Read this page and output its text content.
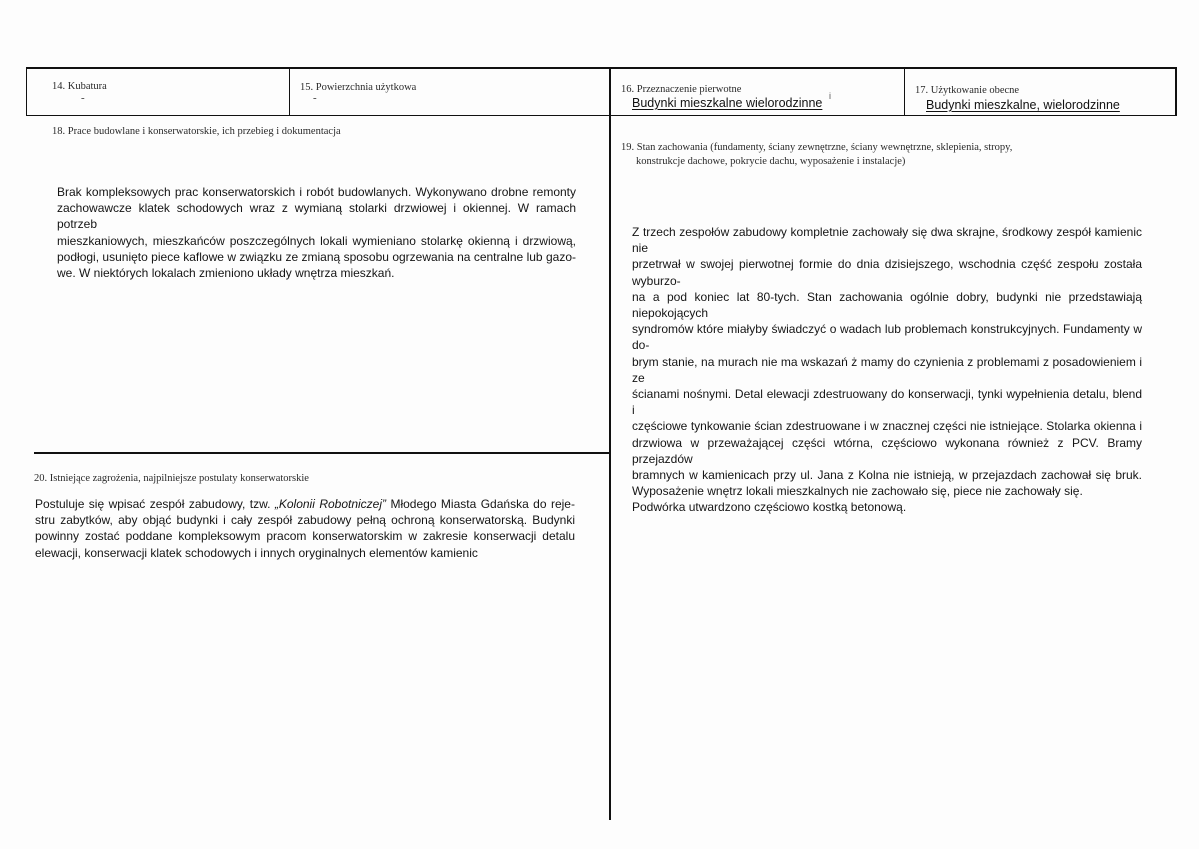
14. Kubatura
-
15. Powierzchnia użytkowa
-
16. Przeznaczenie pierwotne
Budynki mieszkalne wielorodzinne i	17. Użytkowanie obecne
Budynki mieszkalne, wielorodzinne
18. Prace budowlane i konserwatorskie, ich przebieg i dokumentacja
Brak kompleksowych prac konserwatorskich i robót budowlanych. Wykonywano drobne remonty
zachowawcze klatek schodowych wraz z wymianą stolarki drzwiowej i okiennej. W ramach potrzeb
mieszkaniowych, mieszkańców poszczególnych lokali wymieniano stolarkę okienną i drzwiową,
podłogi, usunięto piece kaflowe w związku ze zmianą sposobu ogrzewania na centralne lub gazo-
we. W niektórych lokalach zmieniono układy wnętrza mieszkań.
19. Stan zachowania (fundamenty, ściany zewnętrzne, ściany wewnętrzne, sklepienia, stropy,
konstrukcje dachowe, pokrycie dachu, wyposażenie i instalacje)
Z trzech zespołów zabudowy kompletnie zachowały się dwa skrajne, środkowy zespół kamienic nie
przetrwał w swojej pierwotnej formie do dnia dzisiejszego, wschodnia część zespołu została wyburzo-
na a pod koniec lat 80-tych. Stan zachowania ogólnie dobry, budynki nie przedstawiają niepokojących
syndromów które miałyby świadczyć o wadach lub problemach konstrukcyjnych. Fundamenty w do-
brym stanie, na murach nie ma wskazań ż mamy do czynienia z problemami z posadowieniem i ze
ścianami nośnymi. Detal elewacji zdestruowany do konserwacji, tynki wypełnienia detalu, blend i
częściowe tynkowanie ścian zdestruowane i w znacznej części nie istniejące. Stolarka okienna i
drzwiowa w przeważającej części wtórna, częściowo wykonana również z PCV. Bramy przejazdów
bramnych w kamienicach przy ul. Jana z Kolna nie istnieją, w przejazdach zachował się bruk.
Wyposażenie wnętrz lokali mieszkalnych nie zachowało się, piece nie zachowały się.
Podwórka utwardzono częściowo kostką betonową.
20. Istniejące zagrożenia, najpilniejsze postulaty konserwatorskie
Postuluje się wpisać zespół zabudowy, tzw. „Kolonii Robotniczej” Młodego Miasta Gdańska do reje-
stru zabytków, aby objąć budynki i cały zespół zabudowy pełną ochroną konserwatorską. Budynki
powinny zostać poddane kompleksowym pracom konserwatorskim w zakresie konserwacji detalu
elewacji, konserwacji klatek schodowych i innych oryginalnych elementów kamienic
